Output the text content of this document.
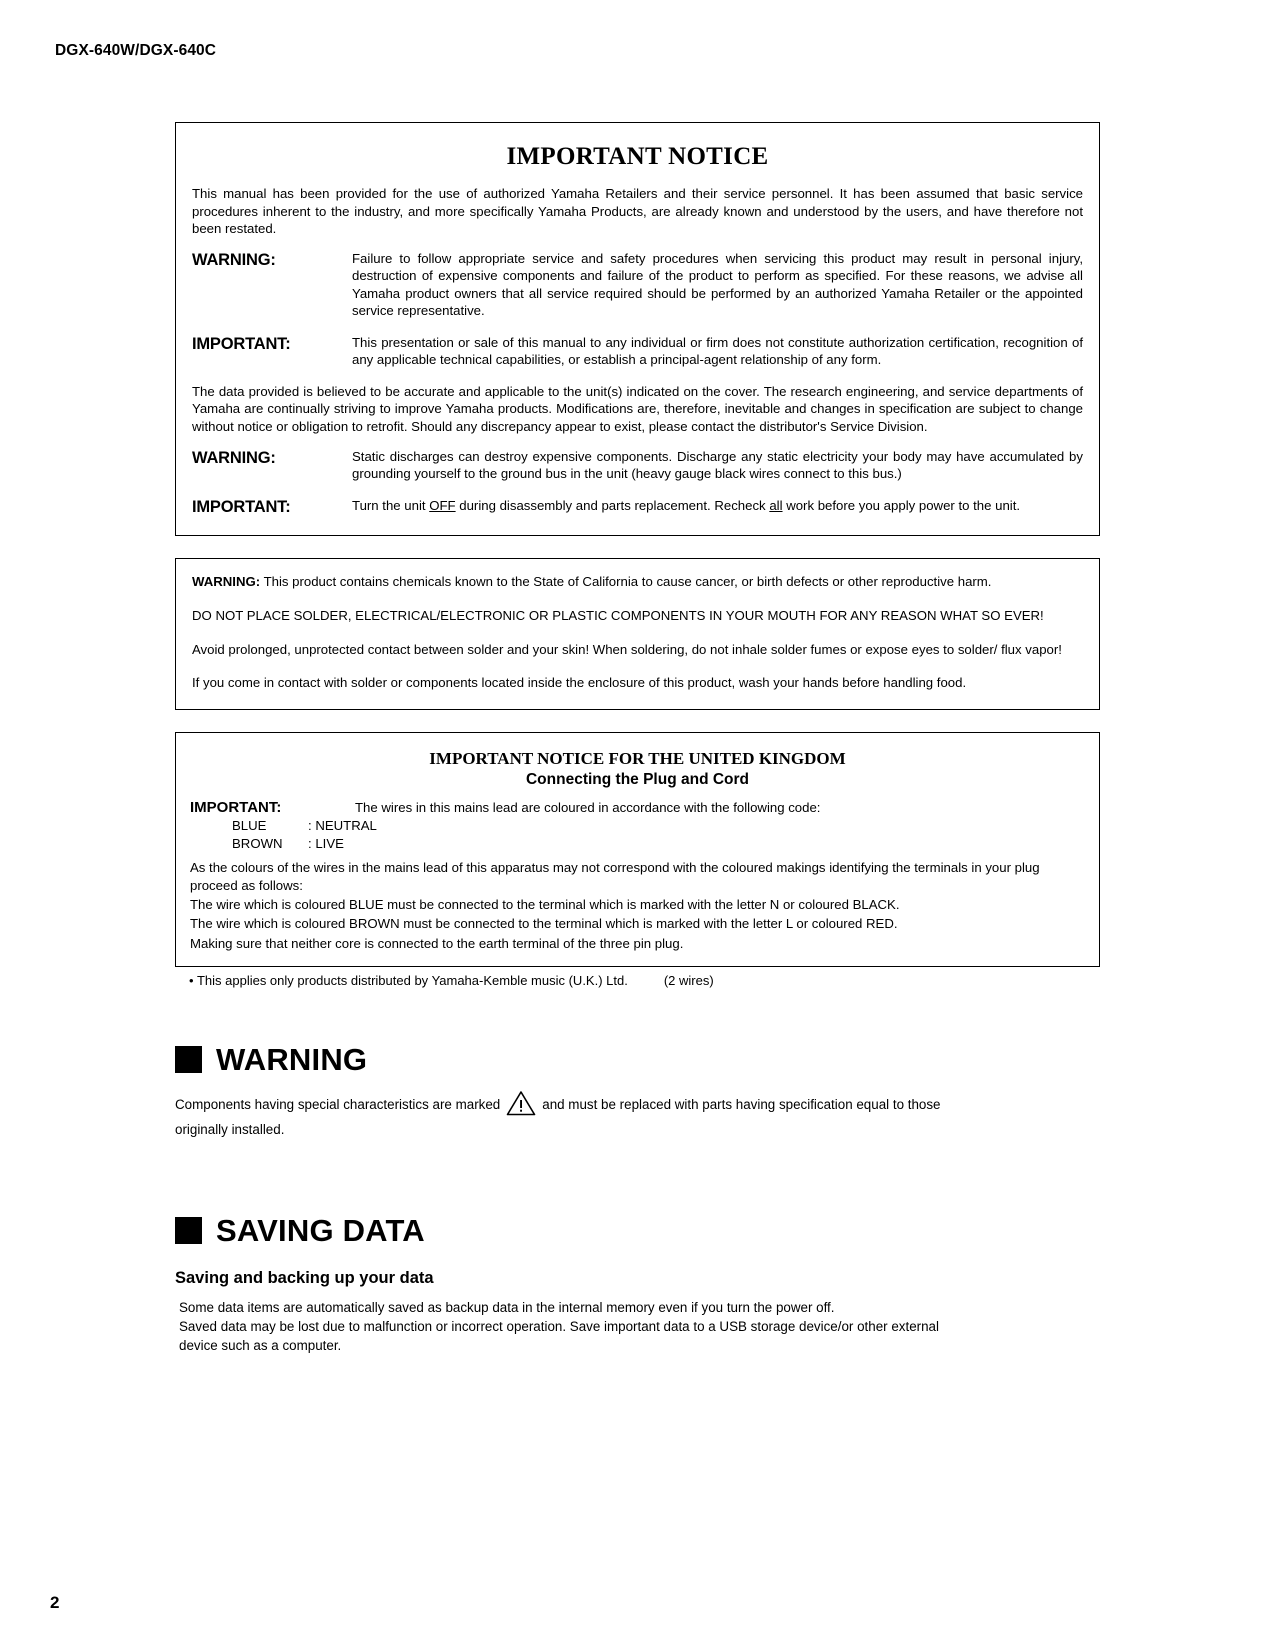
DGX-640W/DGX-640C
IMPORTANT NOTICE

This manual has been provided for the use of authorized Yamaha Retailers and their service personnel. It has been assumed that basic service procedures inherent to the industry, and more specifically Yamaha Products, are already known and understood by the users, and have therefore not been restated.

WARNING:	Failure to follow appropriate service and safety procedures when servicing this product may result in personal injury, destruction of expensive components and failure of the product to perform as specified. For these reasons, we advise all Yamaha product owners that all service required should be performed by an authorized Yamaha Retailer or the appointed service representative.
IMPORTANT:	This presentation or sale of this manual to any individual or firm does not constitute authorization certification, recognition of any applicable technical capabilities, or establish a principal-agent relationship of any form.

The data provided is believed to be accurate and applicable to the unit(s) indicated on the cover. The research engineering, and service departments of Yamaha are continually striving to improve Yamaha products. Modifications are, therefore, inevitable and changes in specification are subject to change without notice or obligation to retrofit. Should any discrepancy appear to exist, please contact the distributor's Service Division.

WARNING:	Static discharges can destroy expensive components. Discharge any static electricity your body may have accumulated by grounding yourself to the ground bus in the unit (heavy gauge black wires connect to this bus.)
IMPORTANT:	Turn the unit OFF during disassembly and parts replacement. Recheck all work before you apply power to the unit.

WARNING: This product contains chemicals known to the State of California to cause cancer, or birth defects or other reproductive harm.

DO NOT PLACE SOLDER, ELECTRICAL/ELECTRONIC OR PLASTIC COMPONENTS IN YOUR MOUTH FOR ANY REASON WHAT SO EVER!

Avoid prolonged, unprotected contact between solder and your skin! When soldering, do not inhale solder fumes or expose eyes to solder/ flux vapor!

If you come in contact with solder or components located inside the enclosure of this product, wash your hands before handling food.

IMPORTANT NOTICE FOR THE UNITED KINGDOM
Connecting the Plug and Cord
IMPORTANT:	The wires in this mains lead are coloured in accordance with the following code:
BLUE	: NEUTRAL
BROWN : LIVE
As the colours of the wires in the mains lead of this apparatus may not correspond with the coloured makings identifying the terminals in your plug proceed as follows:
The wire which is coloured BLUE must be connected to the terminal which is marked with the letter N or coloured BLACK.
The wire which is coloured BROWN must be connected to the terminal which is marked with the letter L or coloured RED.
Making sure that neither core is connected to the earth terminal of the three pin plug.
• This applies only products distributed by Yamaha-Kemble music (U.K.) Ltd.	(2 wires)
WARNING
Components having special characteristics are marked	and must be replaced with parts having specification equal to those
originally installed.
SAVING DATA
Saving and backing up your data
Some data items are automatically saved as backup data in the internal memory even if you turn the power off.
Saved data may be lost due to malfunction or incorrect operation. Save important data to a USB storage device/or other external
device such as a computer.
2
